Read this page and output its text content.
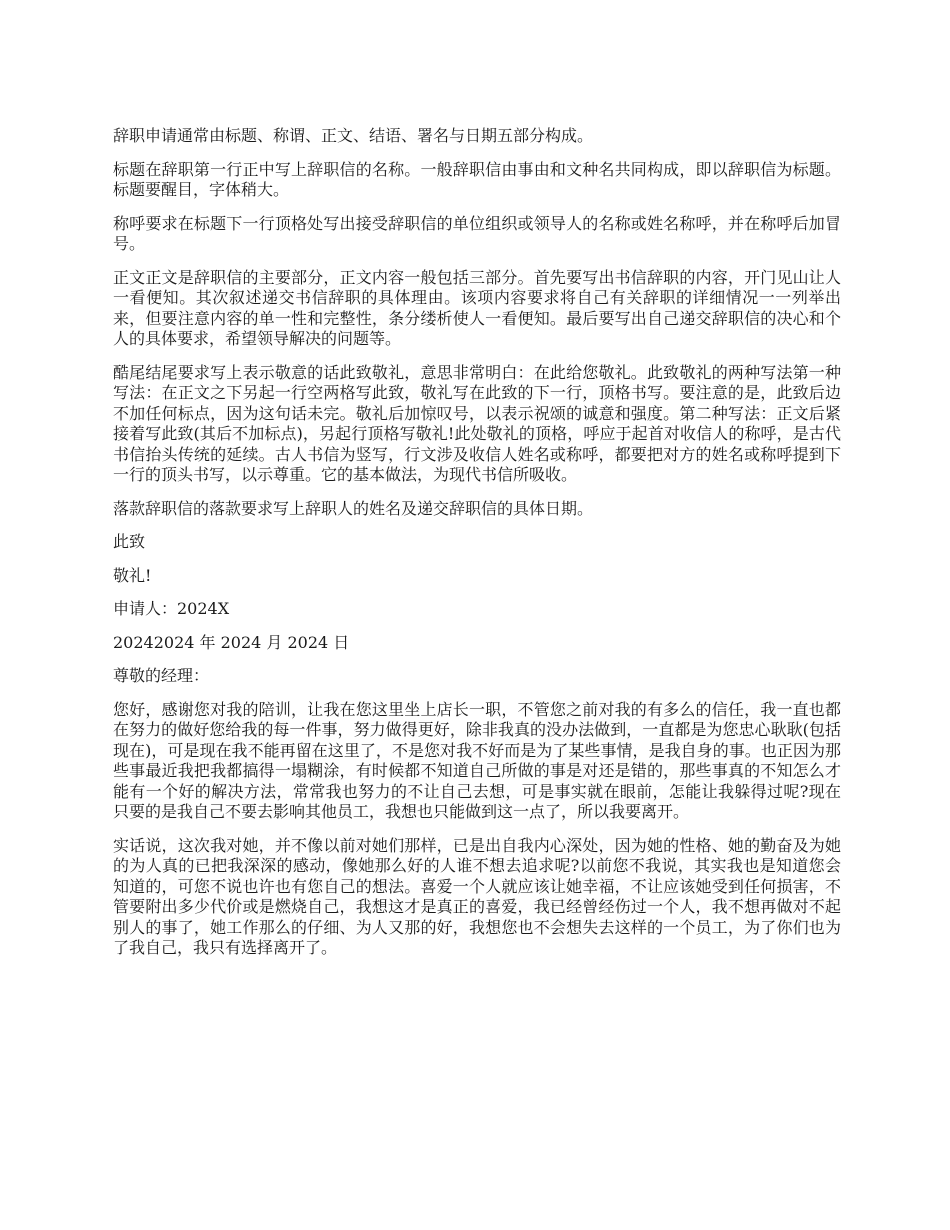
辞职申请通常由标题、称谓、正文、结语、署名与日期五部分构成。

标题在辞职第一行正中写上辞职信的名称。一般辞职信由事由和文种名共同构成，即以辞职信为标题。标题要醒目，字体稍大。

称呼要求在标题下一行顶格处写出接受辞职信的单位组织或领导人的名称或姓名称呼，并在称呼后加冒号。

正文正文是辞职信的主要部分，正文内容一般包括三部分。首先要写出书信辞职的内容，开门见山让人一看便知。其次叙述递交书信辞职的具体理由。该项内容要求将自己有关辞职的详细情况一一列举出来，但要注意内容的单一性和完整性，条分缕析使人一看便知。最后要写出自己递交辞职信的决心和个人的具体要求，希望领导解决的问题等。

酷尾结尾要求写上表示敬意的话此致敬礼，意思非常明白：在此给您敬礼。此致敬礼的两种写法第一种写法：在正文之下另起一行空两格写此致，敬礼写在此致的下一行，顶格书写。要注意的是，此致后边不加任何标点，因为这句话未完。敬礼后加惊叹号，以表示祝颂的诚意和强度。第二种写法：正文后紧接着写此致(其后不加标点)，另起行顶格写敬礼!此处敬礼的顶格，呼应于起首对收信人的称呼，是古代书信抬头传统的延续。古人书信为竖写，行文涉及收信人姓名或称呼，都要把对方的姓名或称呼提到下一行的顶头书写，以示尊重。它的基本做法，为现代书信所吸收。

落款辞职信的落款要求写上辞职人的姓名及递交辞职信的具体日期。

此致

敬礼!

申请人：2024X

20242024 年 2024 月 2024 日

尊敬的经理：

您好，感谢您对我的陪训，让我在您这里坐上店长一职，不管您之前对我的有多么的信任，我一直也都在努力的做好您给我的每一件事，努力做得更好，除非我真的没办法做到，一直都是为您忠心耿耿(包括现在)，可是现在我不能再留在这里了，不是您对我不好而是为了某些事情，是我自身的事。也正因为那些事最近我把我都搞得一塌糊涂，有时候都不知道自己所做的事是对还是错的，那些事真的不知怎么才能有一个好的解决方法，常常我也努力的不让自己去想，可是事实就在眼前，怎能让我躲得过呢?现在只要的是我自己不要去影响其他员工，我想也只能做到这一点了，所以我要离开。

实话说，这次我对她，并不像以前对她们那样，已是出自我内心深处，因为她的性格、她的勤奋及为她的为人真的已把我深深的感动，像她那么好的人谁不想去追求呢?以前您不我说，其实我也是知道您会知道的，可您不说也许也有您自己的想法。喜爱一个人就应该让她幸福，不让应该她受到任何损害，不管要附出多少代价或是燃烧自己，我想这才是真正的喜爱，我已经曾经伤过一个人，我不想再做对不起别人的事了，她工作那么的仔细、为人又那的好，我想您也不会想失去这样的一个员工，为了你们也为了我自己，我只有选择离开了。
